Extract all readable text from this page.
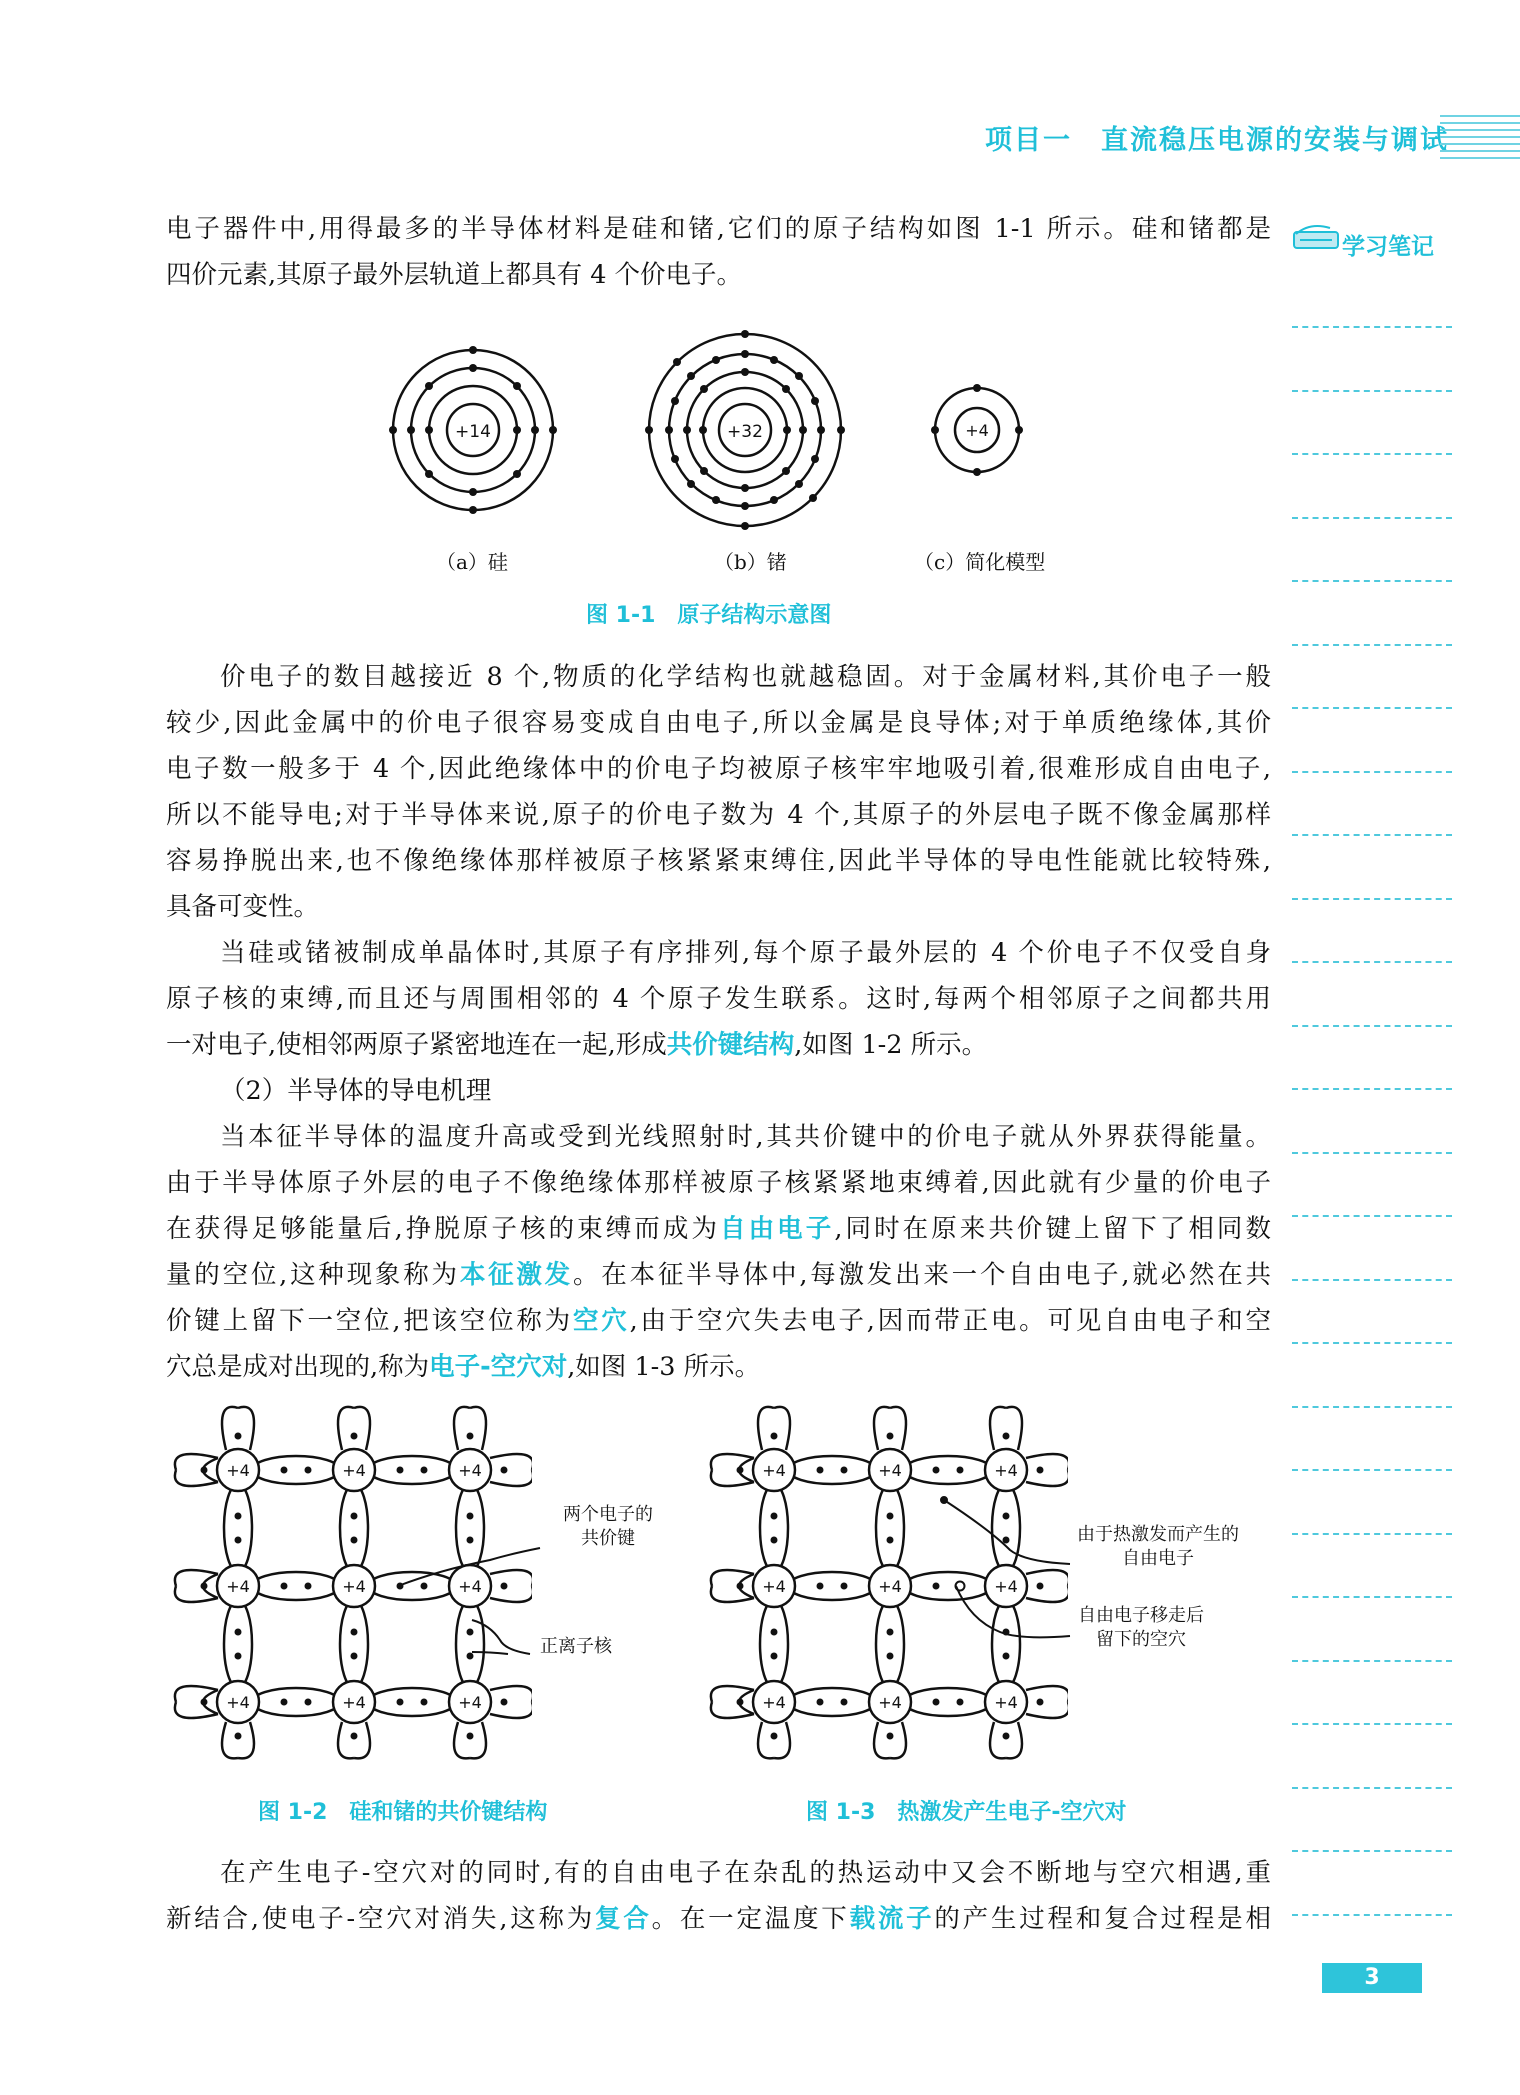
项目一　直流稳压电源的安装与调试
学习笔记
电子器件中,用得最多的半导体材料是硅和锗,它们的原子结构如图 1-1 所示。硅和锗都是
四价元素,其原子最外层轨道上都具有 4 个价电子。
+14	+32	+4
（a）硅	（b）锗	（c）简化模型
图 1-1　原子结构示意图
价电子的数目越接近 8 个,物质的化学结构也就越稳固。对于金属材料,其价电子一般
较少,因此金属中的价电子很容易变成自由电子,所以金属是良导体;对于单质绝缘体,其价
电子数一般多于 4 个,因此绝缘体中的价电子均被原子核牢牢地吸引着,很难形成自由电子,
所以不能导电;对于半导体来说,原子的价电子数为 4 个,其原子的外层电子既不像金属那样
容易挣脱出来,也不像绝缘体那样被原子核紧紧束缚住,因此半导体的导电性能就比较特殊,
具备可变性。
当硅或锗被制成单晶体时,其原子有序排列,每个原子最外层的 4 个价电子不仅受自身
原子核的束缚,而且还与周围相邻的 4 个原子发生联系。这时,每两个相邻原子之间都共用
一对电子,使相邻两原子紧密地连在一起,形成共价键结构,如图 1-2 所示。
（2）半导体的导电机理
当本征半导体的温度升高或受到光线照射时,其共价键中的价电子就从外界获得能量。
由于半导体原子外层的电子不像绝缘体那样被原子核紧紧地束缚着,因此就有少量的价电子
在获得足够能量后,挣脱原子核的束缚而成为自由电子,同时在原来共价键上留下了相同数
量的空位,这种现象称为本征激发。在本征半导体中,每激发出来一个自由电子,就必然在共
价键上留下一空位,把该空位称为空穴,由于空穴失去电子,因而带正电。可见自由电子和空
穴总是成对出现的,称为电子-空穴对,如图 1-3 所示。
+4	+4	+4
+4	+4	+4
+4	+4	+4
两个电子的
共价键
正离子核
图 1-2　硅和锗的共价键结构
+4	+4	+4
+4	+4	+4
+4	+4	+4
由于热激发而产生的
自由电子
自由电子移走后
留下的空穴
图 1-3　热激发产生电子-空穴对
在产生电子-空穴对的同时,有的自由电子在杂乱的热运动中又会不断地与空穴相遇,重
新结合,使电子-空穴对消失,这称为复合。在一定温度下载流子的产生过程和复合过程是相
3
